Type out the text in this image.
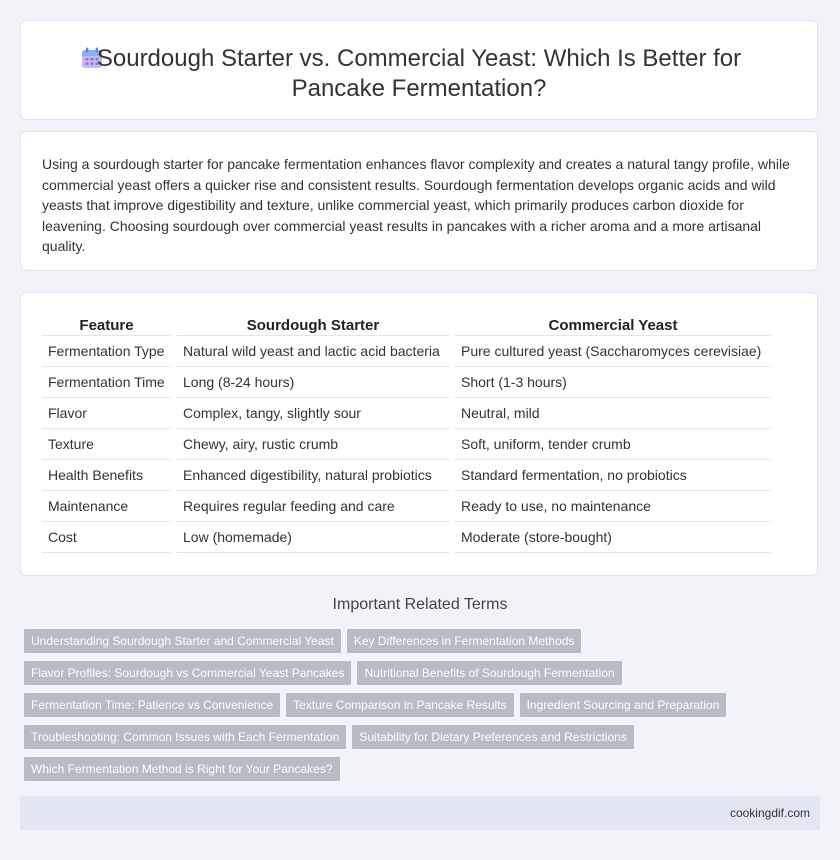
Sourdough Starter vs. Commercial Yeast: Which Is Better for
Pancake Fermentation?

Using a sourdough starter for pancake fermentation enhances flavor complexity and creates a natural tangy profile, while commercial yeast offers a quicker rise and consistent results. Sourdough fermentation develops organic acids and wild yeasts that improve digestibility and texture, unlike commercial yeast, which primarily produces carbon dioxide for leavening. Choosing sourdough over commercial yeast results in pancakes with a richer aroma and a more artisanal quality.

Feature	Sourdough Starter	Commercial Yeast
Fermentation Type	Natural wild yeast and lactic acid bacteria	Pure cultured yeast (Saccharomyces cerevisiae)
Fermentation Time	Long (8-24 hours)	Short (1-3 hours)
Flavor	Complex, tangy, slightly sour	Neutral, mild
Texture	Chewy, airy, rustic crumb	Soft, uniform, tender crumb
Health Benefits	Enhanced digestibility, natural probiotics	Standard fermentation, no probiotics
Maintenance	Requires regular feeding and care	Ready to use, no maintenance
Cost	Low (homemade)	Moderate (store-bought)
Important Related Terms
Understanding Sourdough Starter and Commercial Yeast Key Differences in Fermentation Methods
Flavor Profiles: Sourdough vs Commercial Yeast Pancakes Nutritional Benefits of Sourdough Fermentation
Fermentation Time: Patience vs Convenience Texture Comparison in Pancake Results Ingredient Sourcing and Preparation
Troubleshooting: Common Issues with Each Fermentation Suitability for Dietary Preferences and Restrictions
Which Fermentation Method is Right for Your Pancakes?
cookingdif.com
